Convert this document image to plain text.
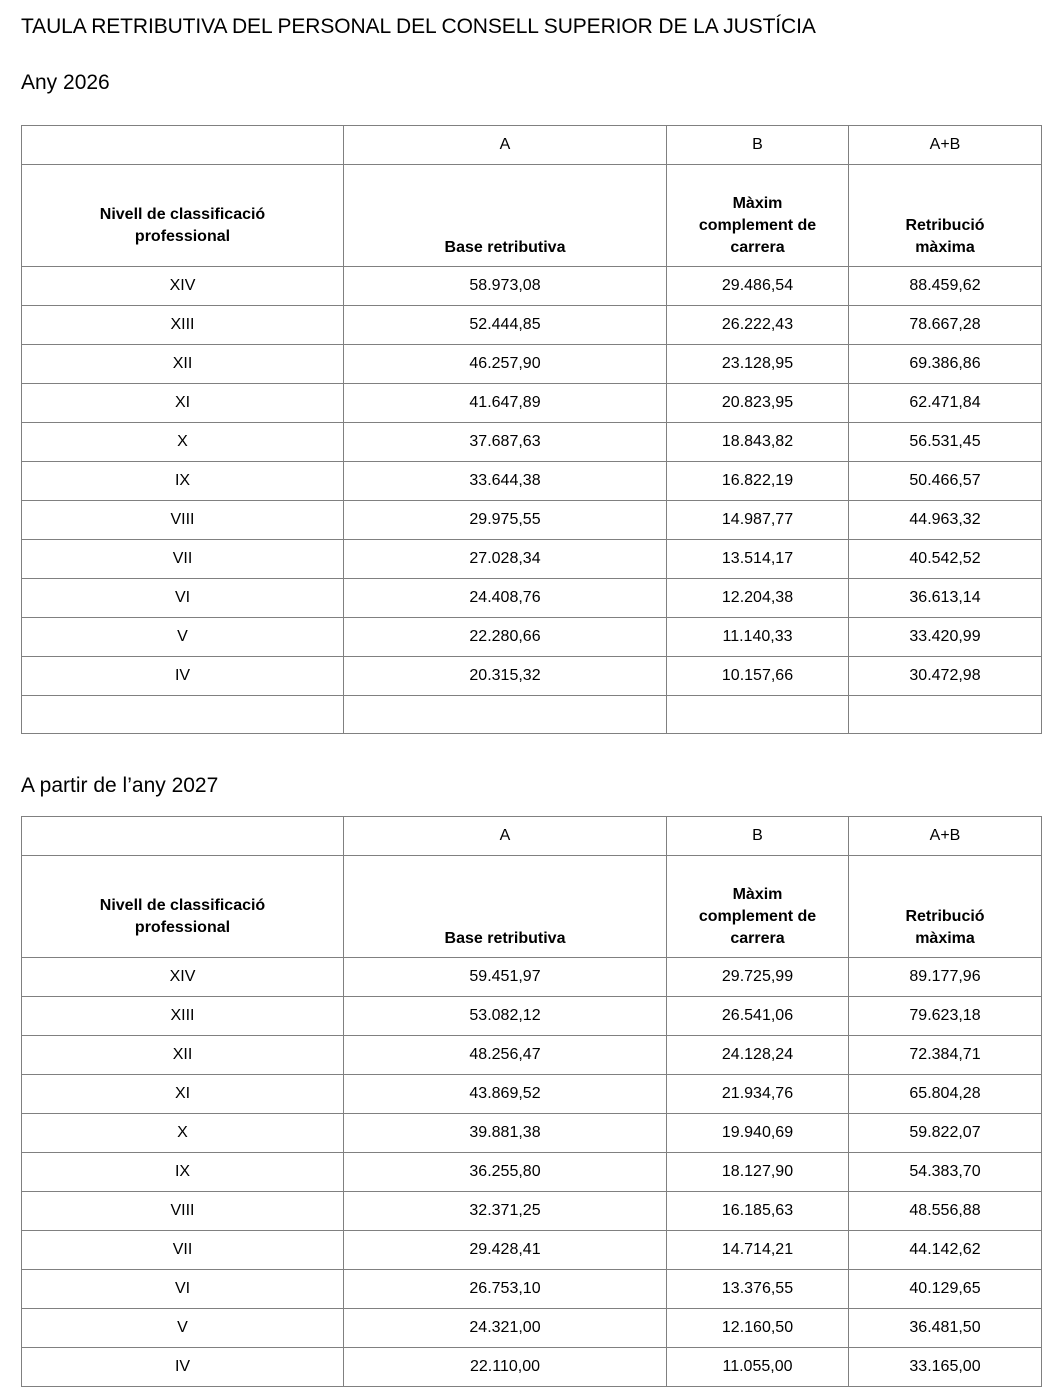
TAULA RETRIBUTIVA DEL PERSONAL DEL CONSELL SUPERIOR DE LA JUSTÍCIA
Any 2026
	A	B	A+B

Nivell de classificació professional	Base retributiva	Màxim complement de carrera	Retribució màxima

XIV	58.973,08	29.486,54	88.459,62
XIII	52.444,85	26.222,43	78.667,28
XII	46.257,90	23.128,95	69.386,86
XI	41.647,89	20.823,95	62.471,84
X	37.687,63	18.843,82	56.531,45
IX	33.644,38	16.822,19	50.466,57
VIII	29.975,55	14.987,77	44.963,32
VII	27.028,34	13.514,17	40.542,52
VI	24.408,76	12.204,38	36.613,14
V	22.280,66	11.140,33	33.420,99
IV	20.315,32	10.157,66	30.472,98

A partir de l’any 2027
	A	B	A+B

Nivell de classificació professional	Base retributiva	Màxim complement de carrera	Retribució màxima

XIV	59.451,97	29.725,99	89.177,96
XIII	53.082,12	26.541,06	79.623,18
XII	48.256,47	24.128,24	72.384,71
XI	43.869,52	21.934,76	65.804,28
X	39.881,38	19.940,69	59.822,07
IX	36.255,80	18.127,90	54.383,70
VIII	32.371,25	16.185,63	48.556,88
VII	29.428,41	14.714,21	44.142,62
VI	26.753,10	13.376,55	40.129,65
V	24.321,00	12.160,50	36.481,50
IV	22.110,00	11.055,00	33.165,00
